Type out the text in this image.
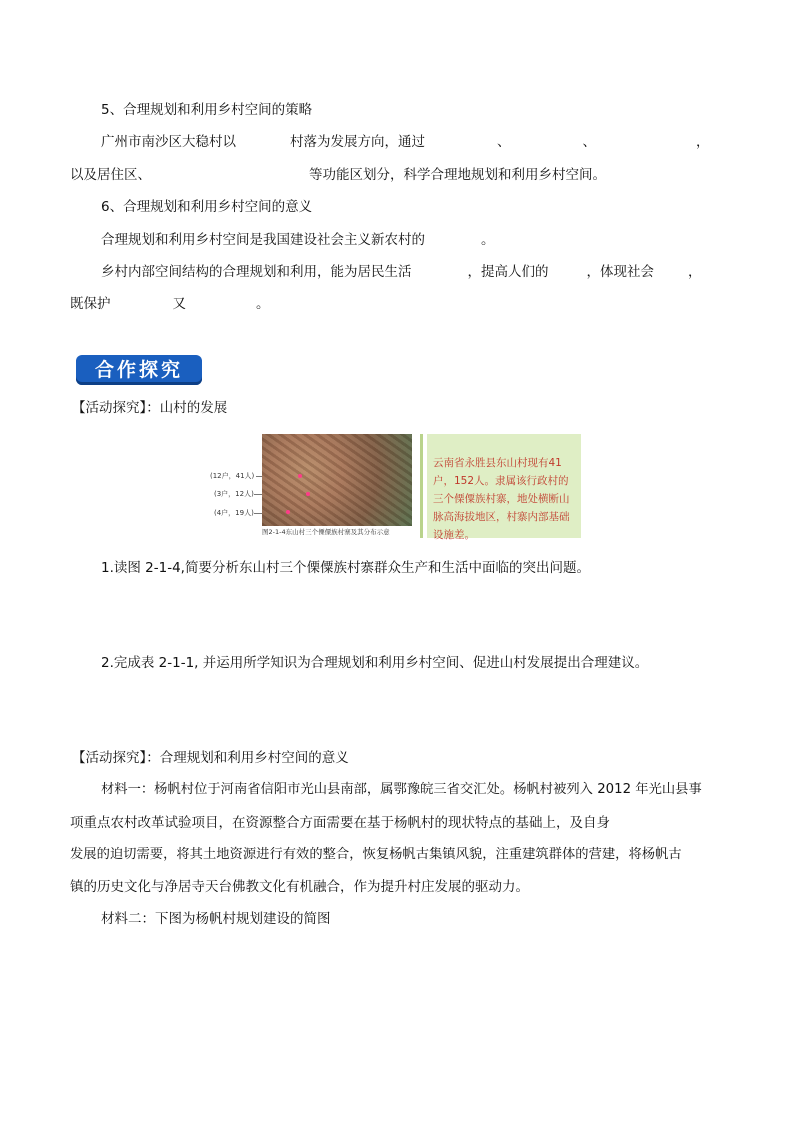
5、合理规划和利用乡村空间的策略
广州市南沙区大稳村以	村落为发展方向，通过	、	、	，
以及居住区、	等功能区划分，科学合理地规划和利用乡村空间。
6、合理规划和利用乡村空间的意义
合理规划和利用乡村空间是我国建设社会主义新农村的	。
乡村内部空间结构的合理规划和利用，能为居民生活	，提高人们的	，体现社会	，
既保护	又	。
合作探究
【活动探究】：山村的发展
(12户，41人)
(3户，12人)
(4户，19人)
图2-1-4东山村三个傈僳族村寨及其分布示意
云南省永胜县东山村现有41户，152人。隶属该行政村的三个傈僳族村寨，地处横断山脉高海拔地区，村寨内部基础设施差。
1.读图 2-1-4,简要分析东山村三个傈僳族村寨群众生产和生活中面临的突出问题。
2.完成表 2-1-1, 并运用所学知识为合理规划和利用乡村空间、促进山村发展提出合理建议。
【活动探究】：合理规划和利用乡村空间的意义
材料一：杨帆村位于河南省信阳市光山县南部，属鄂豫皖三省交汇处。杨帆村被列入 2012 年光山县事
项重点农村改革试验项目，在资源整合方面需要在基于杨帆村的现状特点的基础上，及自身
发展的迫切需要，将其土地资源进行有效的整合，恢复杨帆古集镇风貌，注重建筑群体的营建，将杨帆古
镇的历史文化与净居寺天台佛教文化有机融合，作为提升村庄发展的驱动力。
材料二：下图为杨帆村规划建设的简图
